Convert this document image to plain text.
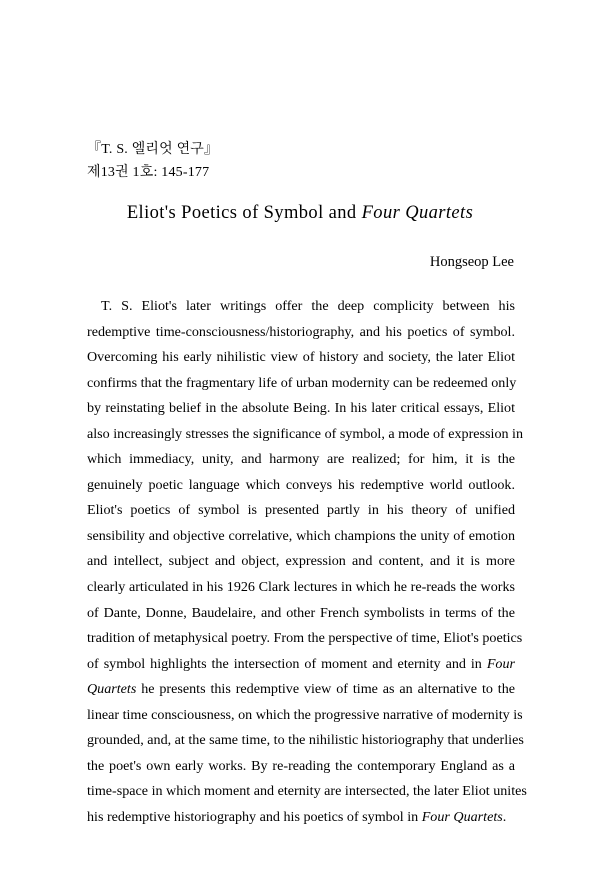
『T. S. 엘리엇 연구』
제13권 1호: 145-177
Eliot's Poetics of Symbol and Four Quartets
Hongseop Lee
T. S. Eliot's later writings offer the deep complicity between his
redemptive time-consciousness/historiography, and his poetics of symbol.
Overcoming his early nihilistic view of history and society, the later Eliot
confirms that the fragmentary life of urban modernity can be redeemed only
by reinstating belief in the absolute Being. In his later critical essays, Eliot
also increasingly stresses the significance of symbol, a mode of expression in
which immediacy, unity, and harmony are realized; for him, it is the
genuinely poetic language which conveys his redemptive world outlook.
Eliot's poetics of symbol is presented partly in his theory of unified
sensibility and objective correlative, which champions the unity of emotion
and intellect, subject and object, expression and content, and it is more
clearly articulated in his 1926 Clark lectures in which he re-reads the works
of Dante, Donne, Baudelaire, and other French symbolists in terms of the
tradition of metaphysical poetry. From the perspective of time, Eliot's poetics
of symbol highlights the intersection of moment and eternity and in Four
Quartets he presents this redemptive view of time as an alternative to the
linear time consciousness, on which the progressive narrative of modernity is
grounded, and, at the same time, to the nihilistic historiography that underlies
the poet's own early works. By re-reading the contemporary England as a
time-space in which moment and eternity are intersected, the later Eliot unites
his redemptive historiography and his poetics of symbol in Four Quartets.
